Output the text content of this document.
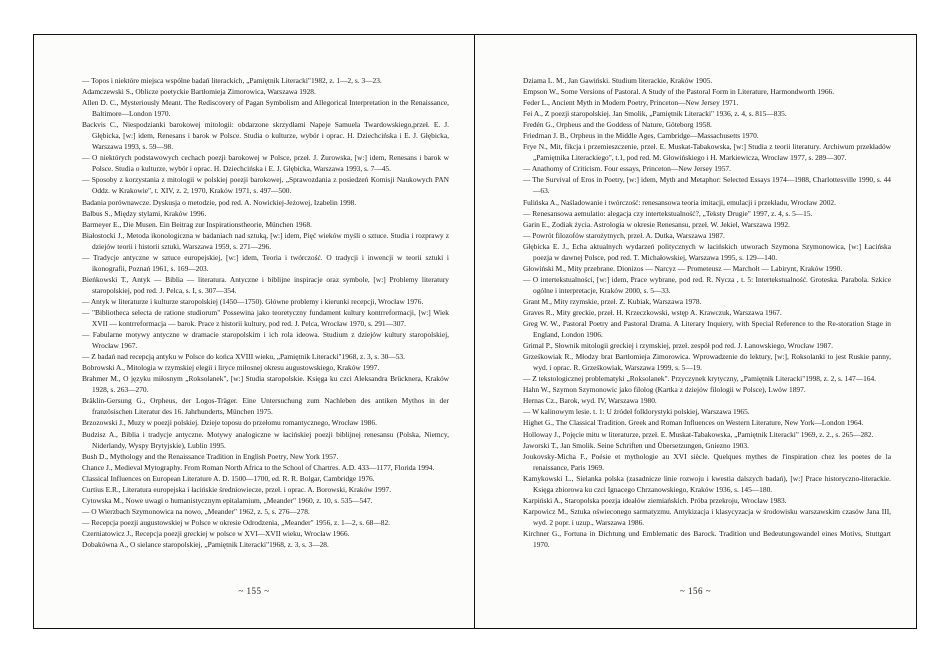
— Topos i niektóre miejsca wspólne badań literackich, „Pamiętnik Literacki"1982, z. 1—2, s. 3—23.

Adamczewski S., Oblicze poetyckie Bartłomieja Zimorowica, Warszawa 1928.

Allen D. C., Mysteriously Meant. The Rediscovery of Pagan Symbolism and Allegorical Interpretation in the Renaissance, Baltimore—London 1970.

Backvis C., Niespodzianki barokowej mitologii: obdarzone skrzydłami Napeje Samuela Twardowskiego,przeł. E. J. Głębicka, [w:] idem, Renesans i barok w Polsce. Studia o kulturze, wybór i oprac. H. Dziechcińska i E. J. Głębicka, Warszawa 1993, s. 59—98.

— O niektórych podstawowych cechach poezji barokowej w Polsce, przeł. J. Żurowska, [w:] idem, Renesans i barok w Polsce. Studia o kulturze, wybór i oprac. H. Dziechcińska i E. J. Głębicka, Warszawa 1993, s. 7—45.

— Sposoby z korzystania z mitologii w polskiej poezji barokowej, „Sprawozdania z posiedzeń Komisji Naukowych PAN Oddz. w Krakowie", t. XIV, z. 2, 1970, Kraków 1971, s. 497—500.

Badania porównawcze. Dyskusja o metodzie, pod red. A. Nowickiej-Jeżowej, Izabelin 1998.

Balbus S., Między stylami, Kraków 1996.

Barmeyer E., Die Musen. Ein Beitrag zur Inspirationstheorie, München 1968.

Białostocki J., Metoda ikonologiczna w badaniach nad sztuką, [w:] idem, Pięć wieków myśli o sztuce. Studia i rozprawy z dziejów teorii i historii sztuki, Warszawa 1959, s. 271—296.

— Tradycje antyczne w sztuce europejskiej, [w:] idem, Teoria i twórczość. O tradycji i inwencji w teorii sztuki i ikonografii, Poznań 1961, s. 169—203.

Bieńkowski T., Antyk — Biblia — literatura. Antyczne i biblijne inspiracje oraz symbole, [w:] Problemy literatury staropolskiej, pod red. J. Pelca, s. I, s. 307—354.

— Antyk w literaturze i kulturze staropolskiej (1450—1750). Główne problemy i kierunki recepcji, Wrocław 1976.

— "Bibliotheca selecta de ratione studiorum" Possewina jako teoretyczny fundament kultury kontrreformacji, [w:] Wiek XVII — kontrreformacja — barok. Prace z historii kultury, pod red. J. Pelca, Wrocław 1970, s. 291—307.

— Fabularne motywy antyczne w dramacie staropolskim i ich rola ideowa. Studium z dziejów kultury staropolskiej, Wrocław 1967.

— Z badań nad recepcją antyku w Polsce do końca XVIII wieku, „Pamiętnik Literacki"1968, z. 3, s. 30—53.

Bobrowski A., Mitologia w rzymskiej elegii i liryce miłosnej okresu augustowskiego, Kraków 1997.

Brahmer M., O języku miłosnym „Roksolanek", [w:] Studia staropolskie. Księga ku czci Aleksandra Brücknera, Kraków 1928, s. 263—270.

Bräklin-Gersung G., Orpheus, der Logos-Träger. Eine Untersuchung zum Nachleben des antiken Mythos in der französischen Literatur des 16. Jahrhunderts, München 1975.

Brzozowski J., Muzy w poezji polskiej. Dzieje toposu do przełomu romantycznego, Wrocław 1986.

Budzisz A., Biblia i tradycje antyczne. Motywy analogiczne w łacińskiej poezji biblijnej renesansu (Polska, Niemcy, Niderlandy, Wyspy Brytyjskie), Lublin 1995.

Bush D., Mythology and the Renaissance Tradition in English Poetry, New York 1957.

Chance J., Medieval Mytography. From Roman North Africa to the School of Chartres. A.D. 433—1177, Florida 1994.

Classical Influences on European Literature A. D. 1500—1700, ed. R. R. Bolgar, Cambridge 1976.

Curtius E.R., Literatura europejska i łacińskie średniowiecze, przeł. i oprac. A. Borowski, Kraków 1997.

Cytowska M., Nowe uwagi o humanistycznym epitalamium, „Meander" 1960, z. 10, s. 535—547.

— O Wierzbach Szymonowica na nowo, „Meander" 1962, z. 5, s. 276—278.

— Recepcja poezji augustowskiej w Polsce w okresie Odrodzenia, „Meander" 1956, z. 1—2, s. 68—82.

Czerniatowicz J., Recepcja poezji greckiej w polsce w XVI—XVII wieku, Wrocław 1966.

Dobakówna A., O sielance staropolskiej, „Pamiętnik Literacki"1968, z. 3, s. 3—28.

~ 155 ~

Dziama L. M., Jan Gawiński. Studium literackie, Kraków 1905.

Empson W., Some Versions of Pastoral. A Study of the Pastoral Form in Literature, Harmondworth 1966.

Feder L., Ancient Myth in Modern Poetry, Princeton—New Jersey 1971.

Fei A., Z poezji staropolskiej. Jan Smolik, „Pamiętnik Literacki" 1936, z. 4, s. 815—835.

Fredén G., Orpheus and the Goddess of Nature, Göteborg 1958.

Friedman J. B., Orpheus in the Middle Ages, Cambridge—Massachusetts 1970.

Frye N., Mit, fikcja i przemieszczenie, przeł. E. Muskat-Tabakowska, [w:] Studia z teorii literatury. Archiwum przekładów „Pamiętnika Literackiego", t.1, pod red. M. Głowińskiego i H. Markiewicza, Wrocław 1977, s. 289—307.

— Anathomy of Criticism. Four essays, Princeton—New Jersey 1957.

— The Survival of Eros in Poetry, [w:] idem, Myth and Metaphor: Selected Essays 1974—1988, Charlottesville 1990, s. 44—63.

Fulińska A., Naśladowanie i twórczość: renesansowa teoria imitacji, emulacji i przekładu, Wrocław 2002.

— Renesansowa aemulatio: alegacja czy intertekstualność?, „Teksty Drugie" 1997, z. 4, s. 5—15.

Garin E., Zodiak życia. Astrologia w okresie Renesansu, przeł. W. Jekiel, Warszawa 1992.

— Powrót filozofów starożytnych, przeł. A. Dutka, Warszawa 1987.

Głębicka E. J., Echa aktualnych wydarzeń politycznych w łacińskich utworach Szymona Szymonowica, [w:] Łacińska poezja w dawnej Polsce, pod red. T. Michałowskiej, Warszawa 1995, s. 129—140.

Głowiński M., Mity przebrane. Dionizos — Narcyz — Prometeusz — Marchołt — Labirynt, Kraków 1990.

— O intertekstualności, [w:] idem, Prace wybrane, pod red. R. Nycza , t. 5: Intertekstualność. Groteska. Parabola. Szkice ogólne i interpretacje, Kraków 2000, s. 5—33.

Grant M., Mity rzymskie, przeł. Z. Kubiak, Warszawa 1978.

Graves R., Mity greckie, przeł. H. Krzeczkowski, wstęp A. Krawczuk, Warszawa 1967.

Greg W. W., Pastoral Poetry and Pastoral Drama. A Literary Inquiery, with Special Reference to the Re-storation Stage in England, London 1906.

Grimal P., Słownik mitologii greckiej i rzymskiej, przeł. zespół pod red. J. Łanowskiego, Wrocław 1987.

Grześkowiak R., Młodzy brat Bartłomieja Zimorowica. Wprowadzenie do lektury, [w:], Roksolanki to jest Ruskie panny, wyd. i oprac. R. Grześkowiak, Warszawa 1999, s. 5—19.

— Z tekstologicznej problematyki „Roksolanek". Przyczynek krytyczny, „Pamiętnik Literacki"1998, z. 2, s. 147—164.

Hahn W., Szymon Szymonowic jako filolog (Kartka z dziejów filologii w Polsce), Lwów 1897.

Hernas Cz., Barok, wyd. IV, Warszawa 1980.

— W kalinowym lesie. t. 1: U źródeł folklorystyki polskiej, Warszawa 1965.

Highet G., The Classical Tradition. Greek and Roman Influences on Western Literature, New York—London 1964.

Holloway J., Pojęcie mitu w literaturze, przeł. E. Muskat-Tabakowska, „Pamiętnik Literacki" 1969, z. 2., s. 265—282.

Jaworski T., Jan Smolik. Seine Schriften und Übersetzungen, Gniezno 1903.

Joukovsky-Micha F., Poésie et mythologie au XVI siècle. Quelques mythes de l'inspiration chez les poetes de la renaissance, Paris 1969.

Kamykowski L., Sielanka polska (zasadnicze linie rozwoju i kwestia dalszych badań), [w:] Prace historyczno-literackie. Księga zbiorowa ku czci Ignacego Chrzanowskiego, Kraków 1936, s. 145—180.

Karpiński A., Staropolska poezja ideałów ziemiańskich. Próba przekroju, Wrocław 1983.

Karpowicz M., Sztuka oświeconego sarmatyzmu. Antykizacja i klasycyzacja w środowisku warszawskim czasów Jana III, wyd. 2 popr. i uzup., Warszawa 1986.

Kirchner G., Fortuna in Dichtung und Emblematic des Barock. Tradition und Bedeutungswandel eines Motivs, Stuttgart 1970.

~ 156 ~
